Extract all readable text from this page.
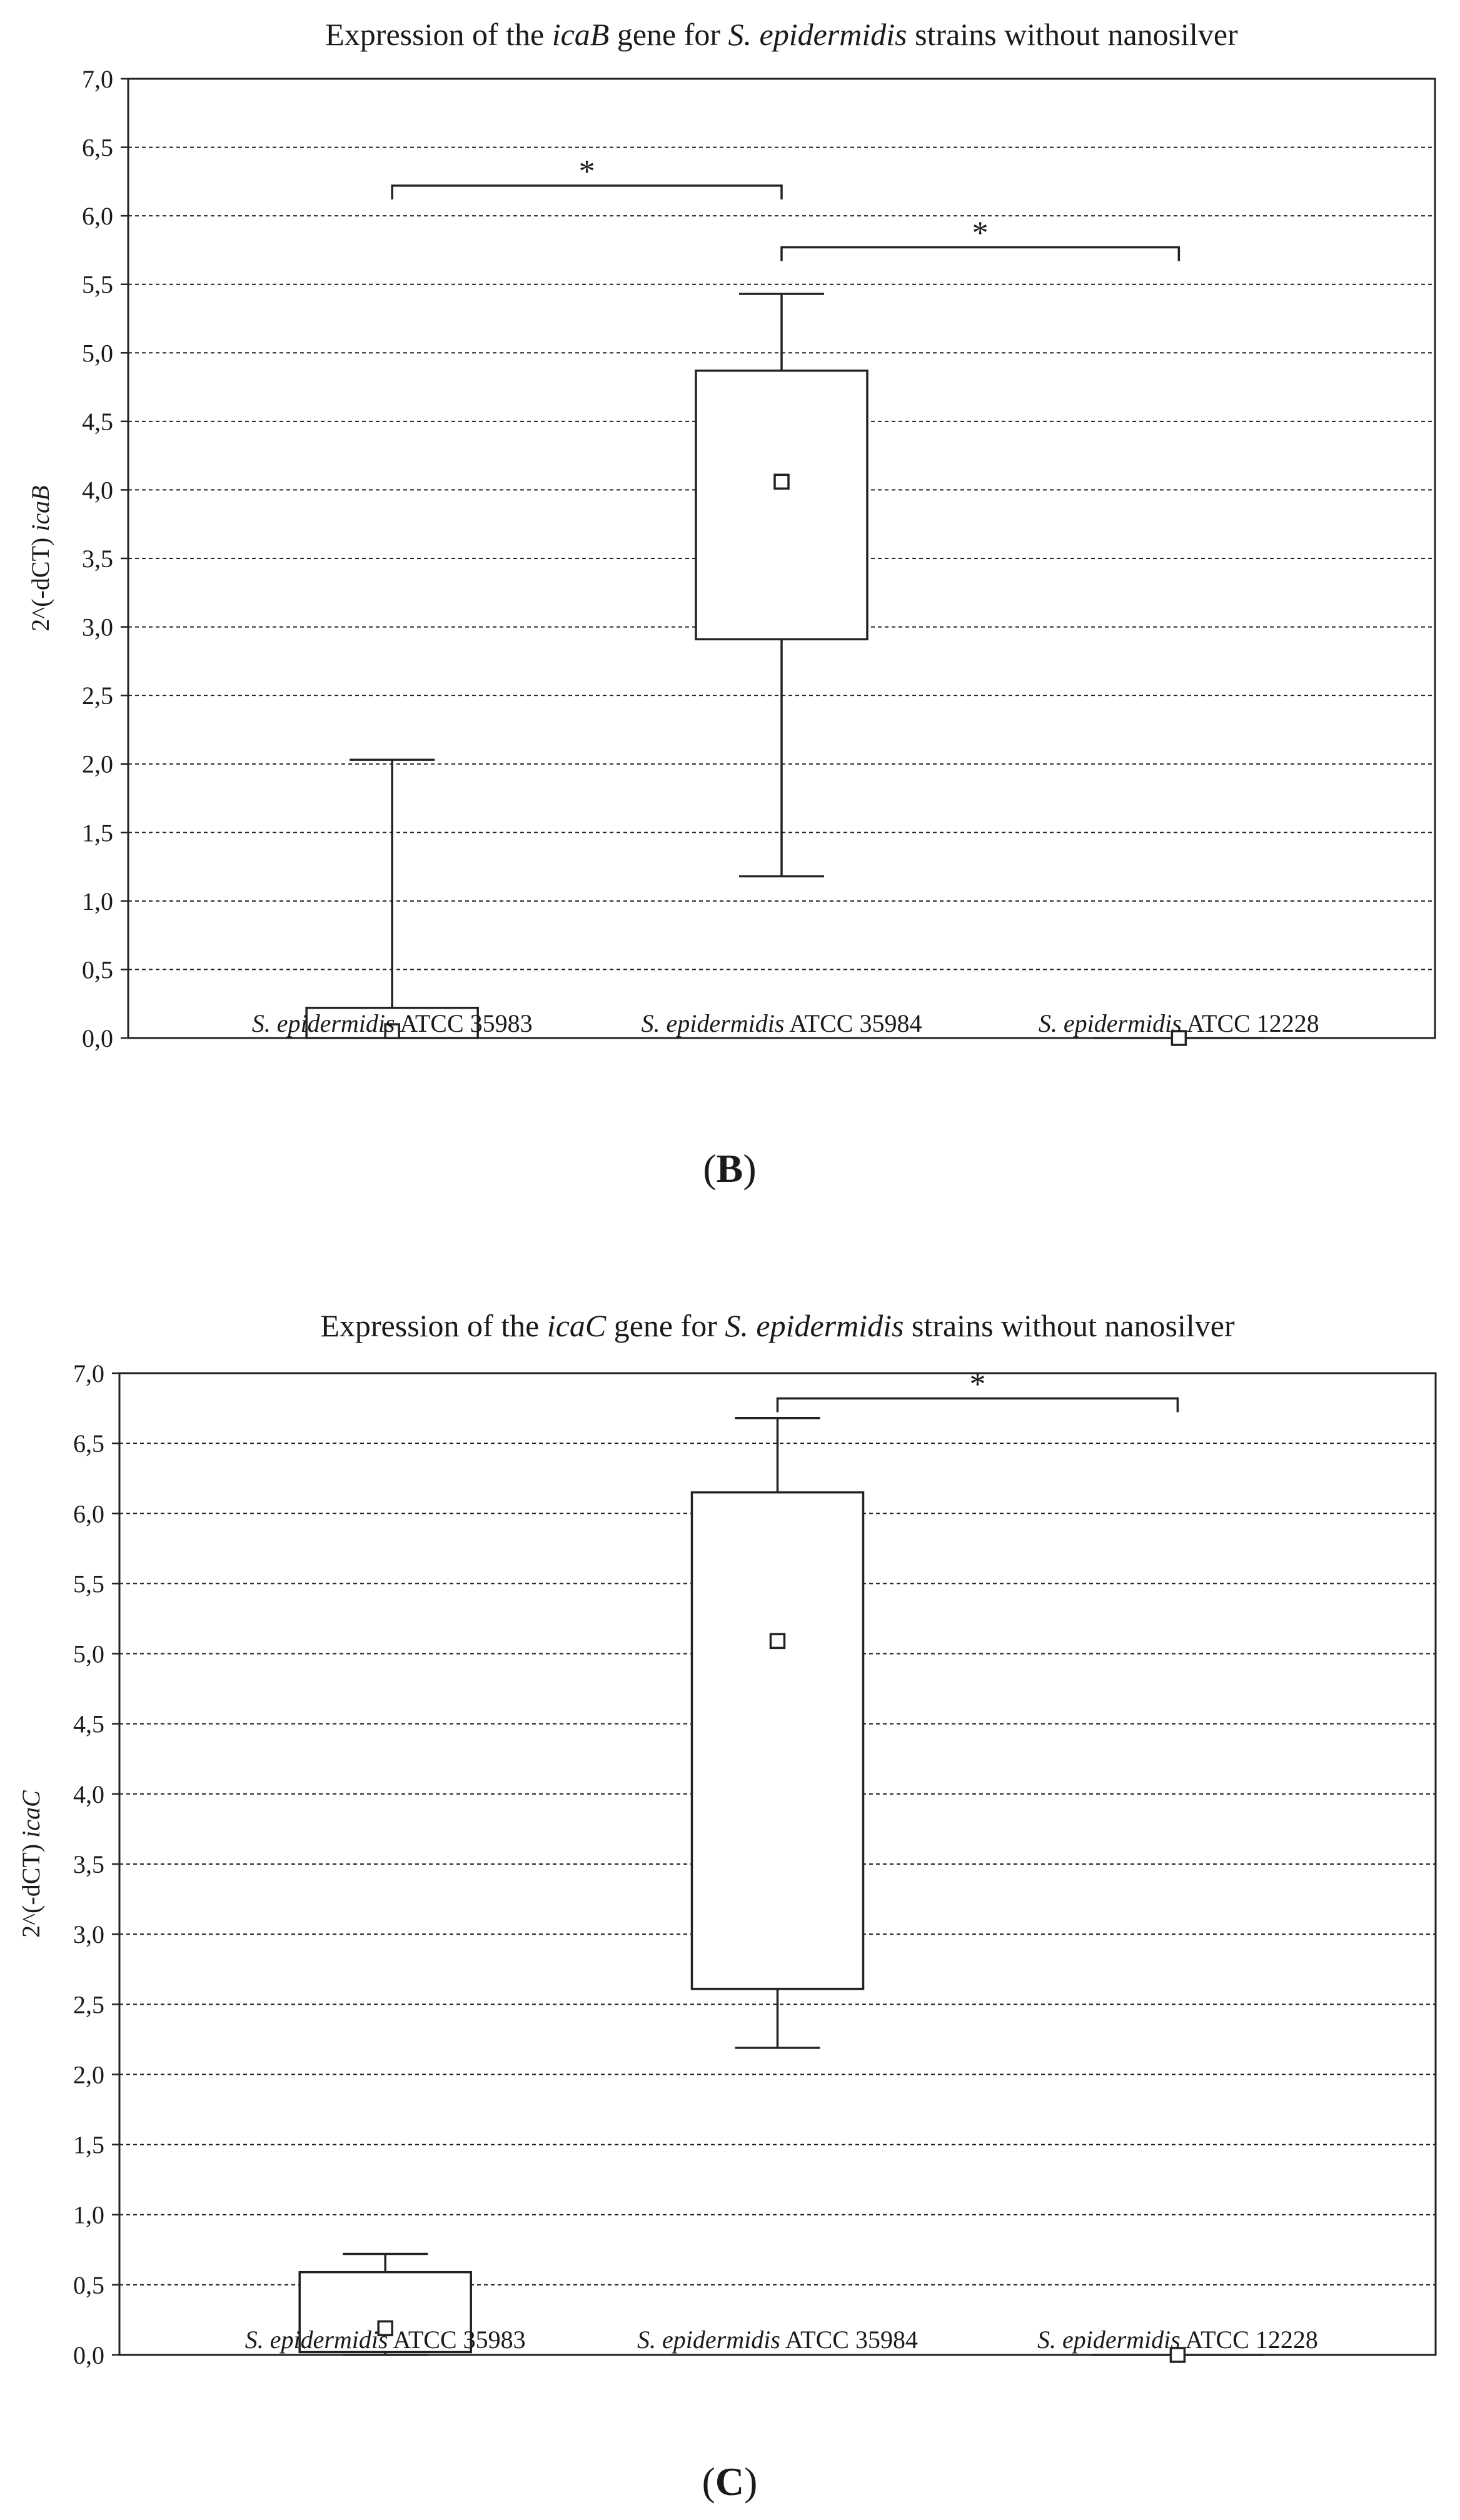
Expression of the icaB gene for S. epidermidis strains without nanosilver
0,0
0,5
1,0
1,5
2,0
2,5
3,0
3,5
4,0
4,5
5,0
5,5
6,0
6,5
7,0
2^(-dCT) icaB
*
*
S. epidermidis ATCC 35983	S. epidermidis ATCC 35984	S. epidermidis ATCC 12228
(B)
Expression of the icaC gene for S. epidermidis strains without nanosilver
0,0
0,5
1,0
1,5
2,0
2,5
3,0
3,5
4,0
4,5
5,0
5,5
6,0
6,5
7,0
2^(-dCT) icaC
*
S. epidermidis ATCC 35983	S. epidermidis ATCC 35984	S. epidermidis ATCC 12228
(C)
